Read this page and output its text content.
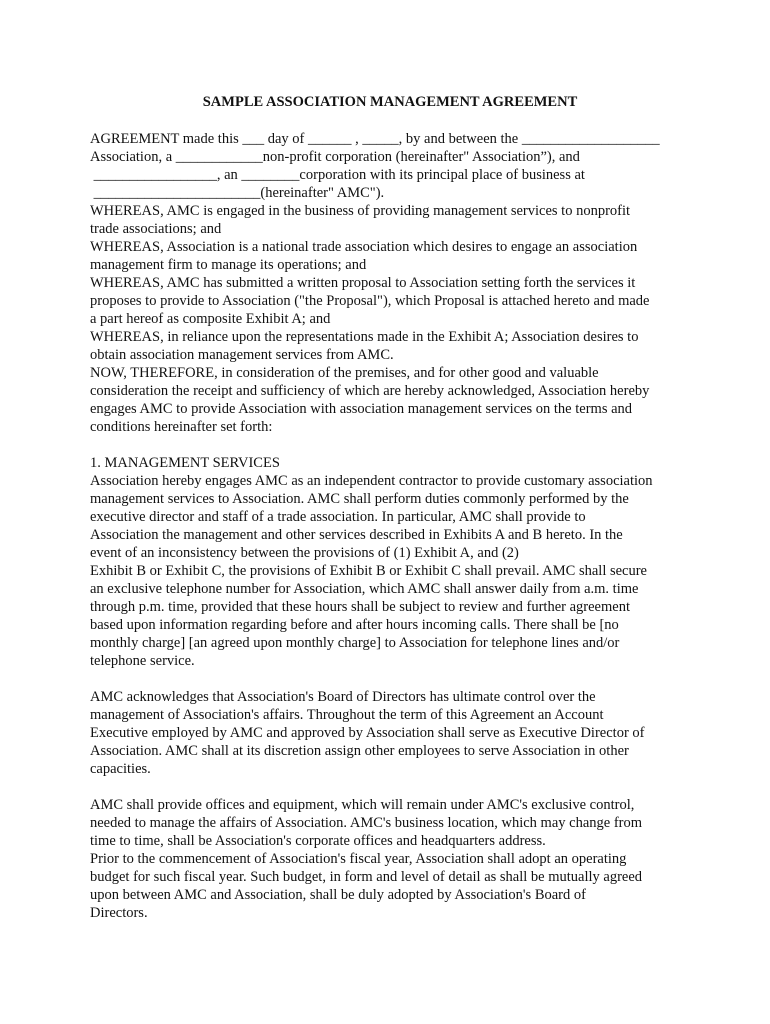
SAMPLE ASSOCIATION MANAGEMENT AGREEMENT
AGREEMENT made this ___ day of ______ , _____, by and between the ___________________
Association, a ____________non-profit corporation (hereinafter" Association”), and
_________________, an ________corporation with its principal place of business at
_______________________(hereinafter" AMC").
WHEREAS, AMC is engaged in the business of providing management services to nonprofit
trade associations; and
WHEREAS, Association is a national trade association which desires to engage an association
management firm to manage its operations; and
WHEREAS, AMC has submitted a written proposal to Association setting forth the services it
proposes to provide to Association ("the Proposal"), which Proposal is attached hereto and made
a part hereof as composite Exhibit A; and
WHEREAS, in reliance upon the representations made in the Exhibit A; Association desires to
obtain association management services from AMC.
NOW, THEREFORE, in consideration of the premises, and for other good and valuable
consideration the receipt and sufficiency of which are hereby acknowledged, Association hereby
engages AMC to provide Association with association management services on the terms and
conditions hereinafter set forth:
1. MANAGEMENT SERVICES
Association hereby engages AMC as an independent contractor to provide customary association
management services to Association. AMC shall perform duties commonly performed by the
executive director and staff of a trade association. In particular, AMC shall provide to
Association the management and other services described in Exhibits A and B hereto. In the
event of an inconsistency between the provisions of (1) Exhibit A, and (2)
Exhibit B or Exhibit C, the provisions of Exhibit B or Exhibit C shall prevail. AMC shall secure
an exclusive telephone number for Association, which AMC shall answer daily from a.m. time
through p.m. time, provided that these hours shall be subject to review and further agreement
based upon information regarding before and after hours incoming calls. There shall be [no
monthly charge] [an agreed upon monthly charge] to Association for telephone lines and/or
telephone service.
AMC acknowledges that Association's Board of Directors has ultimate control over the
management of Association's affairs. Throughout the term of this Agreement an Account
Executive employed by AMC and approved by Association shall serve as Executive Director of
Association. AMC shall at its discretion assign other employees to serve Association in other
capacities.
AMC shall provide offices and equipment, which will remain under AMC's exclusive control,
needed to manage the affairs of Association. AMC's business location, which may change from
time to time, shall be Association's corporate offices and headquarters address.
Prior to the commencement of Association's fiscal year, Association shall adopt an operating
budget for such fiscal year. Such budget, in form and level of detail as shall be mutually agreed
upon between AMC and Association, shall be duly adopted by Association's Board of
Directors.
